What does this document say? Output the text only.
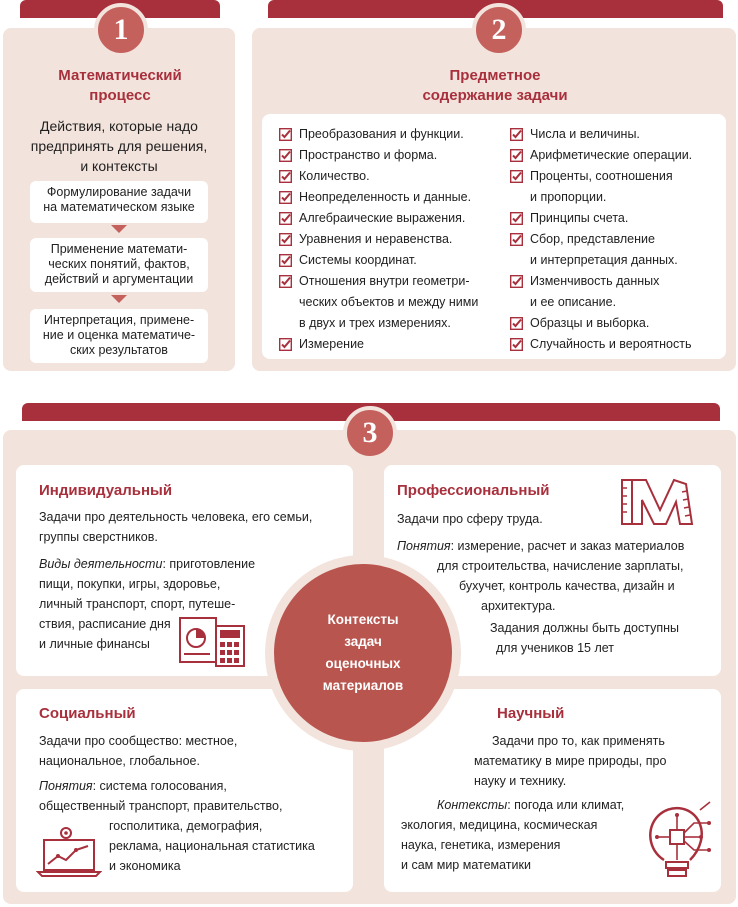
1
Математический
процесс
Действия, которые надо
предпринять для решения,
и контексты
Формулирование задачи
на математическом языке
Применение математи-
ческих понятий, фактов,
действий и аргументации
Интерпретация, примене-
ние и оценка математиче-
ских результатов
2
Предметное
содержание задачи
Преобразования и функции.
Пространство и форма.
Количество.
Неопределенность и данные.
Алгебраические выражения.
Уравнения и неравенства.
Системы координат.
Отношения внутри геометри-
ческих объектов и между ними
в двух и трех измерениях.
Измерение
Числа и величины.
Арифметические операции.
Проценты, соотношения
и пропорции.
Принципы счета.
Сбор, представление
и интерпретация данных.
Изменчивость данных
и ее описание.
Образцы и выборка.
Случайность и вероятность
3
Индивидуальный
Задачи про деятельность человека, его семьи,
группы сверстников.
Виды деятельности: приготовление
пищи, покупки, игры, здоровье,
личный транспорт, спорт, путеше-
ствия, расписание дня
и личные финансы
Профессиональный
Задачи про сферу труда.
Понятия: измерение, расчет и заказ материалов
для строительства, начисление зарплаты,
бухучет, контроль качества, дизайн и
архитектура.
Задания должны быть доступны
для учеников 15 лет
Социальный
Задачи про сообщество: местное,
национальное, глобальное.
Понятия: система голосования,
общественный транспорт, правительство,
госполитика, демография,
реклама, национальная статистика
и экономика
Научный
Задачи про то, как применять
математику в мире природы, про
науку и технику.
Контексты: погода или климат,
экология, медицина, космическая
наука, генетика, измерения
и сам мир математики
Контексты
задач
оценочных
материалов
